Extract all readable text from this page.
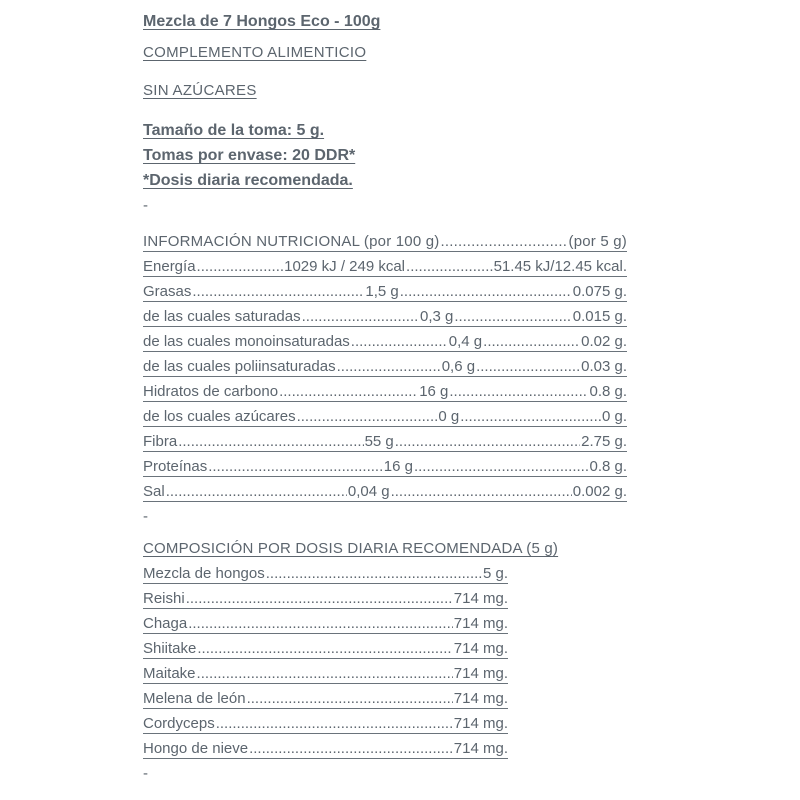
Mezcla de 7 Hongos Eco - 100g

COMPLEMENTO ALIMENTICIO

SIN AZÚCARES

Tamaño de la toma: 5 g.

Tomas por envase: 20 DDR*

*Dosis diaria recomendada.

-

INFORMACIÓN NUTRICIONAL (por 100 g) .....	(por 5 g)
Energía .....	1029 kJ / 249 kcal .....	51.45 kJ/12.45 kcal.
Grasas .....	1,5 g .....	0.075 g.
de las cuales saturadas .....	0,3 g .....	0.015 g.
de las cuales monoinsaturadas .....	0,4 g .....	0.02 g.
de las cuales poliinsaturadas .....	0,6 g .....	0.03 g.
Hidratos de carbono .....	16 g .....	0.8 g.
de los cuales azúcares .....	0 g .....	0 g.
Fibra .....	55 g .....	2.75 g.
Proteínas .....	16 g .....	0.8 g.
Sal .....	0,04 g .....	0.002 g.

-

COMPOSICIÓN POR DOSIS DIARIA RECOMENDADA (5 g)

Mezcla de hongos .....	5 g.
Reishi .....	714 mg.
Chaga .....	714 mg.
Shiitake .....	714 mg.
Maitake .....	714 mg.
Melena de león .....	714 mg.
Cordyceps .....	714 mg.
Hongo de nieve .....	714 mg.

-
